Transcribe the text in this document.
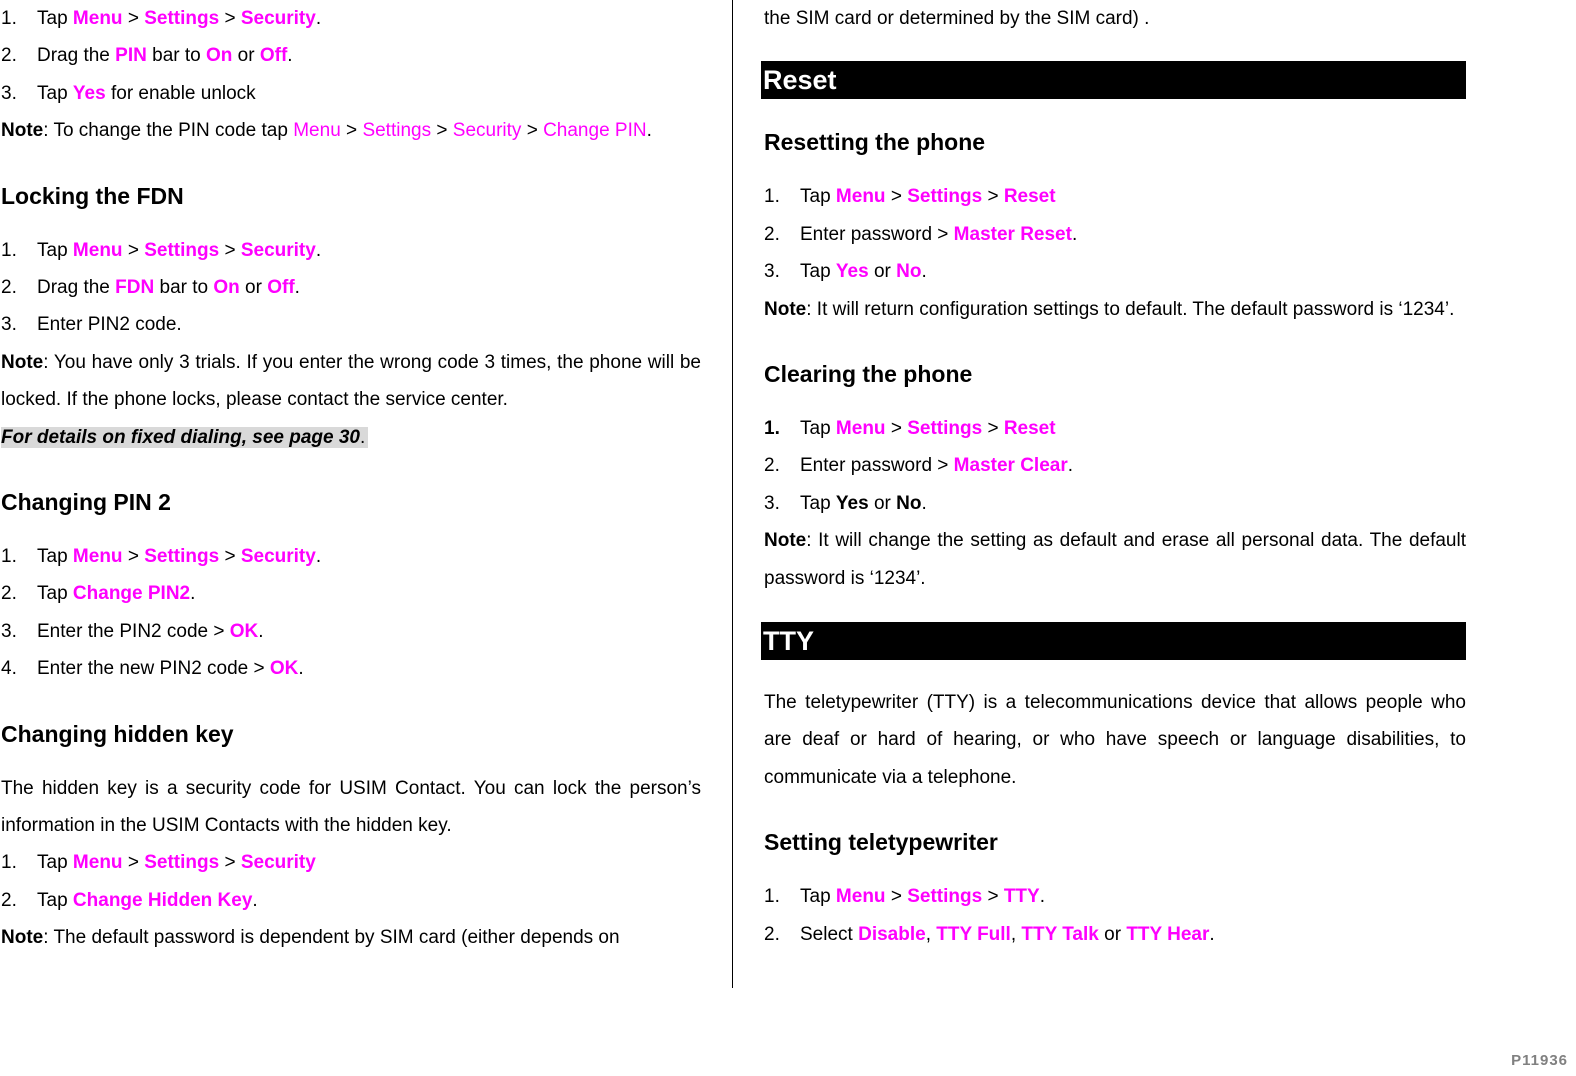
1. Tap Menu > Settings > Security.
2. Drag the PIN bar to On or Off.
3. Tap Yes for enable unlock
Note: To change the PIN code tap Menu > Settings > Security > Change PIN.
Locking the FDN
1. Tap Menu > Settings > Security.
2. Drag the FDN bar to On or Off.
3. Enter PIN2 code.
Note: You have only 3 trials. If you enter the wrong code 3 times, the phone will be locked. If the phone locks, please contact the service center.
For details on fixed dialing, see page 30.
Changing PIN 2
1. Tap Menu > Settings > Security.
2. Tap Change PIN2.
3. Enter the PIN2 code > OK.
4. Enter the new PIN2 code > OK.
Changing hidden key
The hidden key is a security code for USIM Contact. You can lock the person’s information in the USIM Contacts with the hidden key.
1. Tap Menu > Settings > Security
2. Tap Change Hidden Key.
Note: The default password is dependent by SIM card (either depends on
the SIM card or determined by the SIM card) .
Reset
Resetting the phone
1. Tap Menu > Settings > Reset
2. Enter password > Master Reset.
3. Tap Yes or No.
Note: It will return configuration settings to default. The default password is ‘1234’.
Clearing the phone
1. Tap Menu > Settings > Reset
2. Enter password > Master Clear.
3. Tap Yes or No.
Note: It will change the setting as default and erase all personal data. The default password is ‘1234’.
TTY
The teletypewriter (TTY) is a telecommunications device that allows people who are deaf or hard of hearing, or who have speech or language disabilities, to communicate via a telephone.
Setting teletypewriter
1. Tap Menu > Settings > TTY.
2. Select Disable, TTY Full, TTY Talk or TTY Hear.
P11936
